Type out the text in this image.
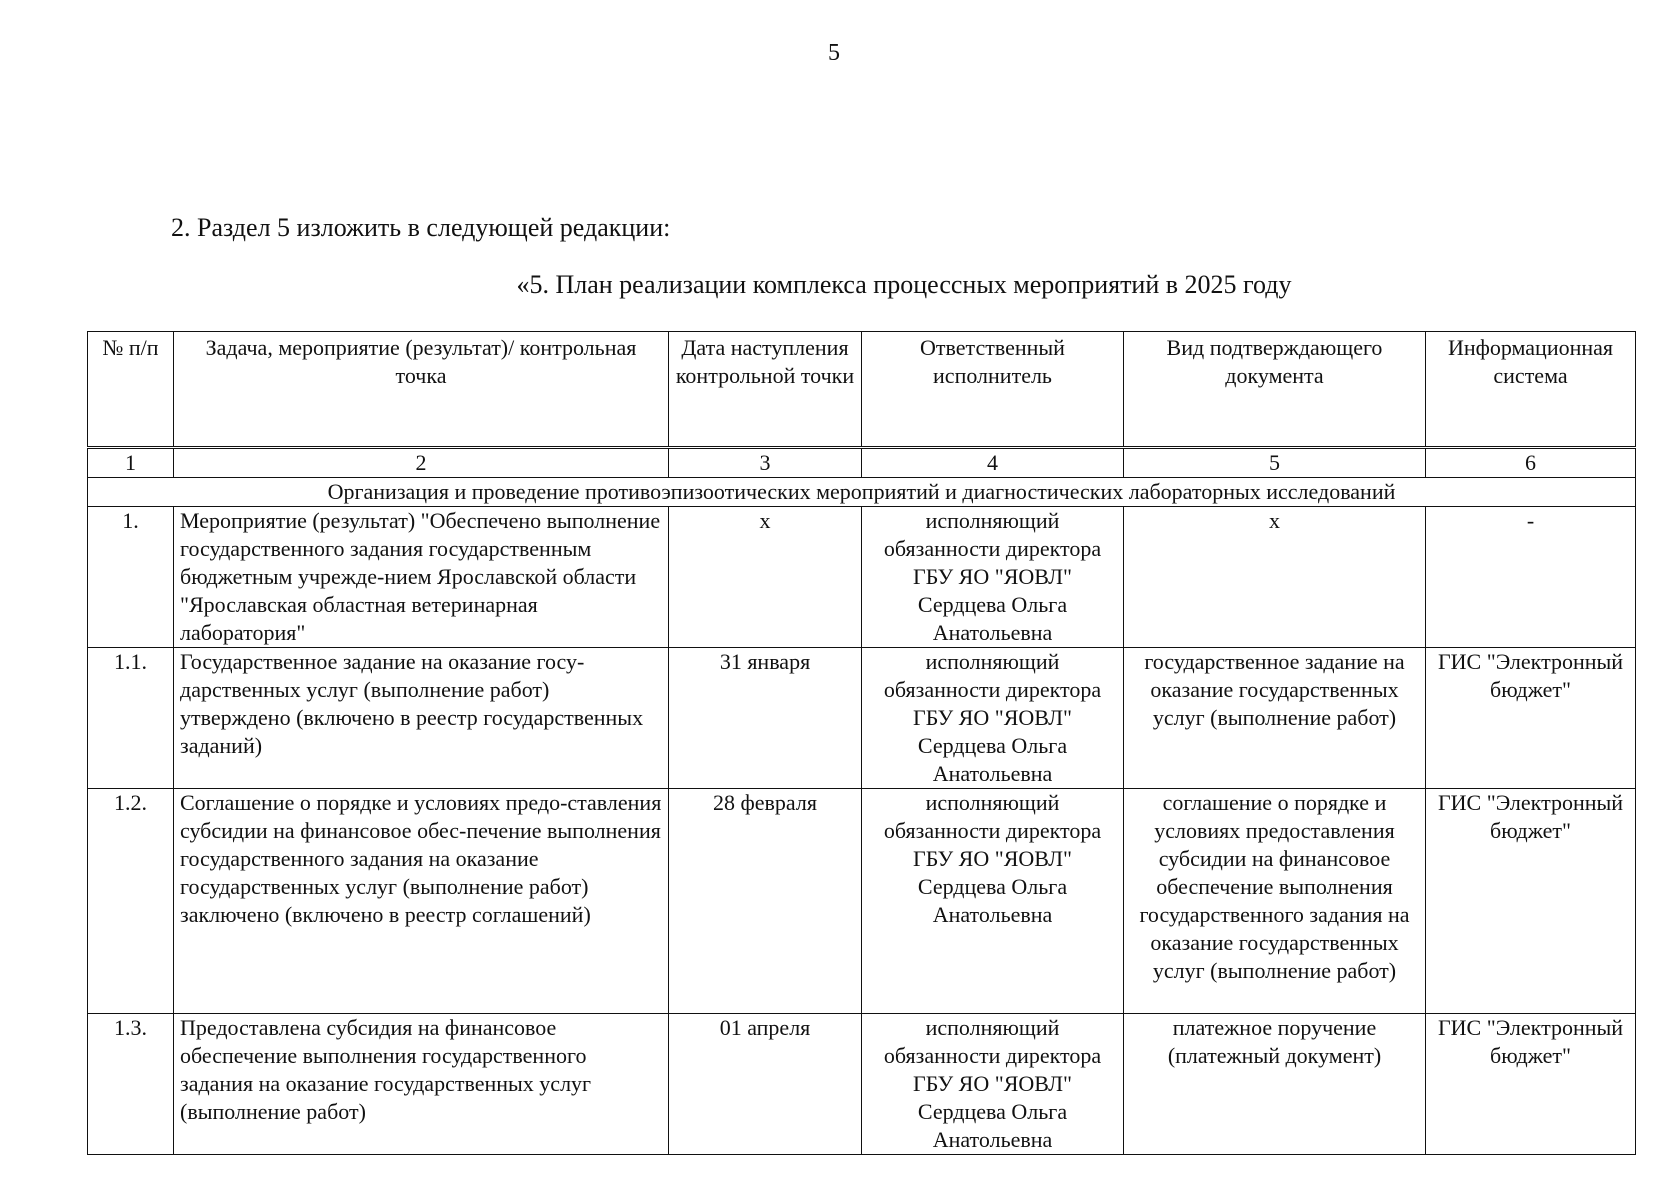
5
2. Раздел 5 изложить в следующей редакции:
«5. План реализации комплекса процессных мероприятий в 2025 году
№ п/п	Задача, мероприятие (результат)/ контрольная точка	Дата наступления контрольной точки	Ответственный исполнитель	Вид подтверждающего документа	Информационная система
1	2	3	4	5	6
Организация и проведение противоэпизоотических мероприятий и диагностических лабораторных исследований					
1.	Мероприятие (результат) "Обеспечено выполнение государственного задания государственным бюджетным учрежде-нием Ярославской области "Ярославская областная ветеринарная лаборатория"	x	исполняющий обязанности директора ГБУ ЯО "ЯОВЛ" Сердцева Ольга Анатольевна	x	-
1.1.	Государственное задание на оказание госу-дарственных услуг (выполнение работ) утверждено (включено в реестр государственных заданий)	31 января	исполняющий обязанности директора ГБУ ЯО "ЯОВЛ" Сердцева Ольга Анатольевна	государственное задание на оказание государственных услуг (выполнение работ)	ГИС "Электронный бюджет"
1.2.	Соглашение о порядке и условиях предо-ставления субсидии на финансовое обес-печение выполнения государственного задания на оказание государственных услуг (выполнение работ) заключено (включено в реестр соглашений)	28 февраля	исполняющий обязанности директора ГБУ ЯО "ЯОВЛ" Сердцева Ольга Анатольевна	соглашение о порядке и условиях предоставления субсидии на финансовое обеспечение выполнения государственного задания на оказание государственных услуг (выполнение работ)	ГИС "Электронный бюджет"
1.3.	Предоставлена субсидия на финансовое обеспечение выполнения государственного задания на оказание государственных услуг (выполнение работ)	01 апреля	исполняющий обязанности директора ГБУ ЯО "ЯОВЛ" Сердцева Ольга Анатольевна	платежное поручение (платежный документ)	ГИС "Электронный бюджет"
